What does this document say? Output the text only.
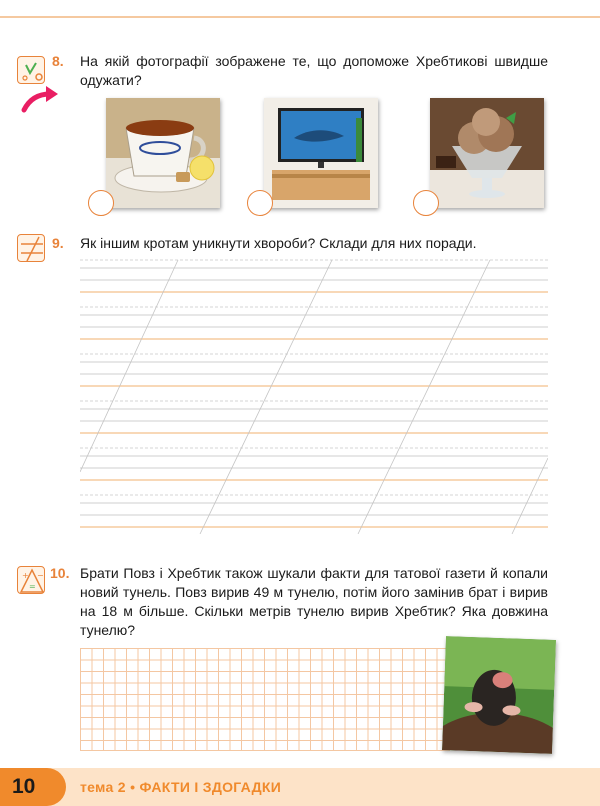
8. На якій фотографії зображене те, що допоможе Хребтикові швидше одужати?
9. Як іншим кротам уникнути хвороби? Склади для них поради.
+ −
=
10. Брати Повз і Хребтик також шукали факти для татової газети й копали новий тунель. Повз вирив 49 м тунелю, потім його замінив брат і вирив на 18 м більше. Скільки метрів тунелю вирив Хребтик? Яка довжина тунелю?
10	тема 2 • ФАКТИ І ЗДОГАДКИ
